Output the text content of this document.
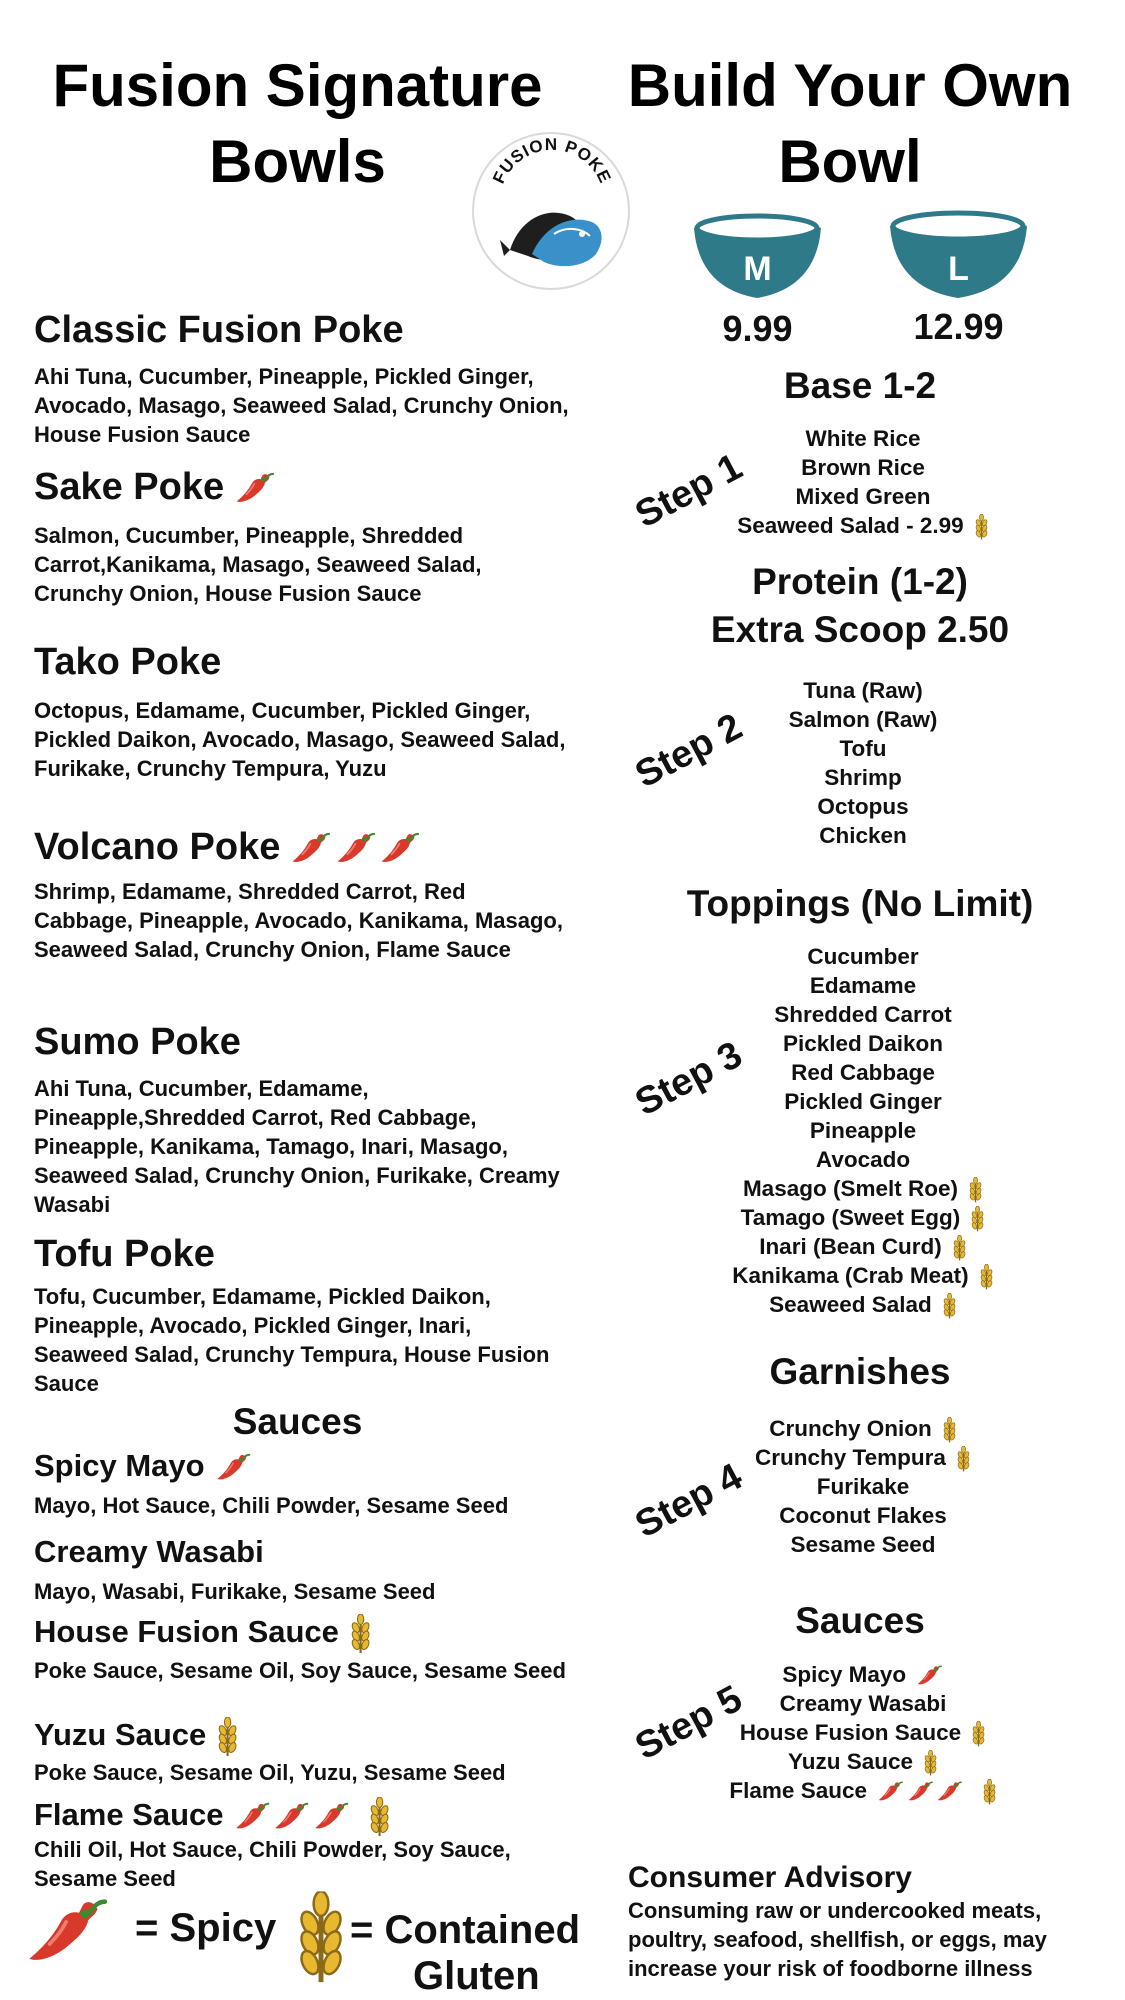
Fusion Signature
Bowls
Build Your Own
Bowl
FUSION POKE
M	L
9.99	12.99
Classic Fusion Poke
Ahi Tuna, Cucumber, Pineapple, Pickled Ginger, Avocado, Masago, Seaweed Salad, Crunchy Onion, House Fusion Sauce
Sake Poke
Salmon, Cucumber, Pineapple, Shredded Carrot,Kanikama, Masago, Seaweed Salad, Crunchy Onion, House Fusion Sauce
Tako Poke
Octopus, Edamame, Cucumber, Pickled Ginger, Pickled Daikon, Avocado, Masago, Seaweed Salad, Furikake, Crunchy Tempura, Yuzu
Volcano Poke
Shrimp, Edamame, Shredded Carrot, Red Cabbage, Pineapple, Avocado, Kanikama, Masago, Seaweed Salad, Crunchy Onion, Flame Sauce
Sumo Poke
Ahi Tuna, Cucumber, Edamame, Pineapple,Shredded Carrot, Red Cabbage, Pineapple, Kanikama, Tamago, Inari, Masago, Seaweed Salad, Crunchy Onion, Furikake, Creamy Wasabi
Tofu Poke
Tofu, Cucumber, Edamame, Pickled Daikon, Pineapple, Avocado, Pickled Ginger, Inari, Seaweed Salad, Crunchy Tempura, House Fusion Sauce
Sauces
Spicy Mayo
Mayo, Hot Sauce, Chili Powder, Sesame Seed
Creamy Wasabi
Mayo, Wasabi, Furikake, Sesame Seed
House Fusion Sauce
Poke Sauce, Sesame Oil, Soy Sauce, Sesame Seed
Yuzu Sauce
Poke Sauce, Sesame Oil, Yuzu, Sesame Seed
Flame Sauce
Chili Oil, Hot Sauce, Chili Powder, Soy Sauce, Sesame Seed
= Spicy = Contained
Gluten
Step 1
Base 1-2
White Rice
Brown Rice
Mixed Green
Seaweed Salad - 2.99
Step 2
Protein (1-2)
Extra Scoop 2.50
Tuna (Raw)
Salmon (Raw)
Tofu
Shrimp
Octopus
Chicken
Step 3
Toppings (No Limit)
Cucumber
Edamame
Shredded Carrot
Pickled Daikon
Red Cabbage
Pickled Ginger
Pineapple
Avocado
Masago (Smelt Roe)
Tamago (Sweet Egg)
Inari (Bean Curd)
Kanikama (Crab Meat)
Seaweed Salad
Step 4
Garnishes
Crunchy Onion
Crunchy Tempura
Furikake
Coconut Flakes
Sesame Seed
Step 5
Sauces
Spicy Mayo
Creamy Wasabi
House Fusion Sauce
Yuzu Sauce
Flame Sauce
Consumer Advisory
Consuming raw or undercooked meats, poultry, seafood, shellfish, or eggs, may increase your risk of foodborne illness
